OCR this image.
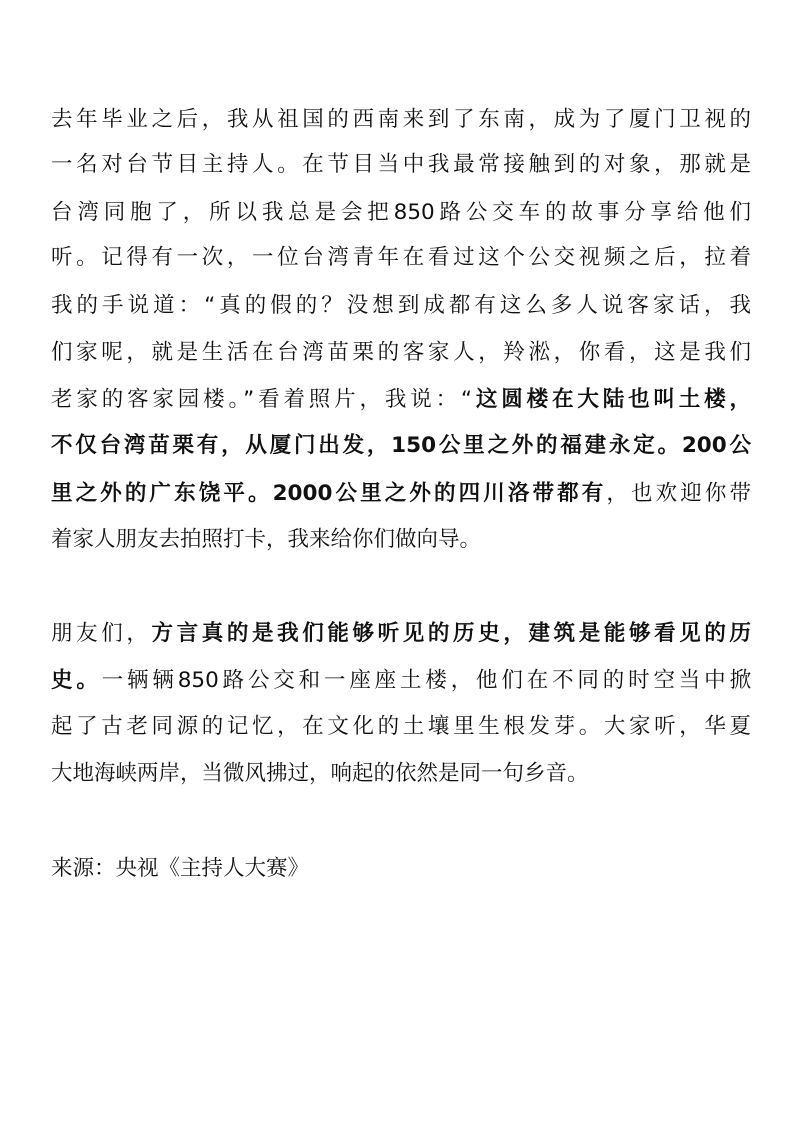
去年毕业之后，我从祖国的西南来到了东南，成为了厦门卫视的
一名对台节目主持人。在节目当中我最常接触到的对象，那就是
台湾同胞了，所以我总是会把850路公交车的故事分享给他们
听。记得有一次，一位台湾青年在看过这个公交视频之后，拉着
我的手说道：“真的假的？没想到成都有这么多人说客家话，我
们家呢，就是生活在台湾苗栗的客家人，羚淞，你看，这是我们
老家的客家园楼。”看着照片，我说：“这圆楼在大陆也叫土楼，
不仅台湾苗栗有，从厦门出发，150公里之外的福建永定。200公
里之外的广东饶平。2000公里之外的四川洛带都有，也欢迎你带
着家人朋友去拍照打卡，我来给你们做向导。
朋友们，方言真的是我们能够听见的历史，建筑是能够看见的历
史。一辆辆850路公交和一座座土楼，他们在不同的时空当中掀
起了古老同源的记忆，在文化的土壤里生根发芽。大家听，华夏
大地海峡两岸，当微风拂过，响起的依然是同一句乡音。
来源：央视《主持人大赛》
